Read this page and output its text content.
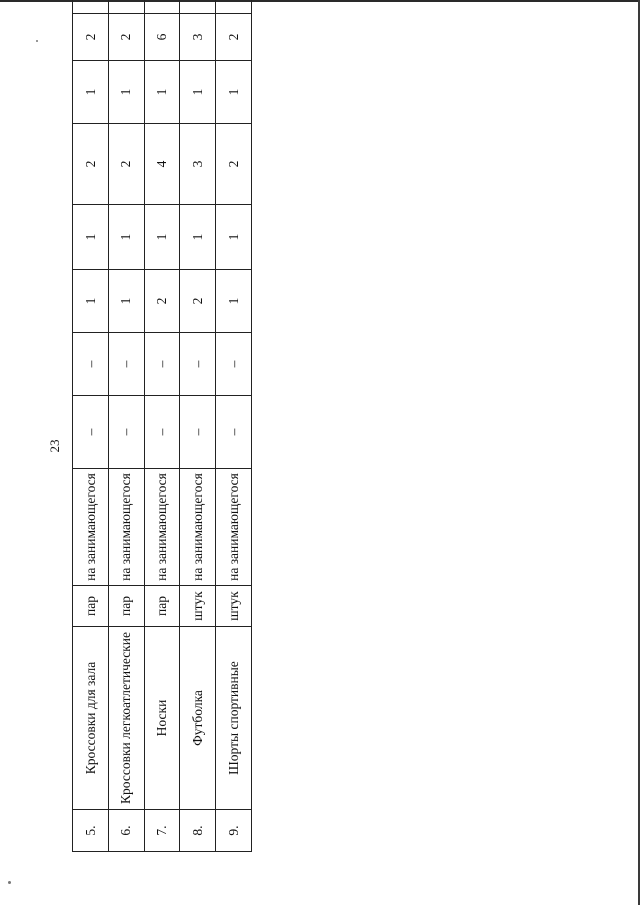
23
5.	Кроссовки для зала	пар	на занимающегося	–	–	1	1	2	1	2	
6.	Кроссовки легкоатлетические	пар	на занимающегося	–	–	1	1	2	1	2	
7.	Носки	пар	на занимающегося	–	–	2	1	4	1	6	
8.	Футболка	штук	на занимающегося	–	–	2	1	3	1	3	
9.	Шорты спортивные	штук	на занимающегося	–	–	1	1	2	1	2	
